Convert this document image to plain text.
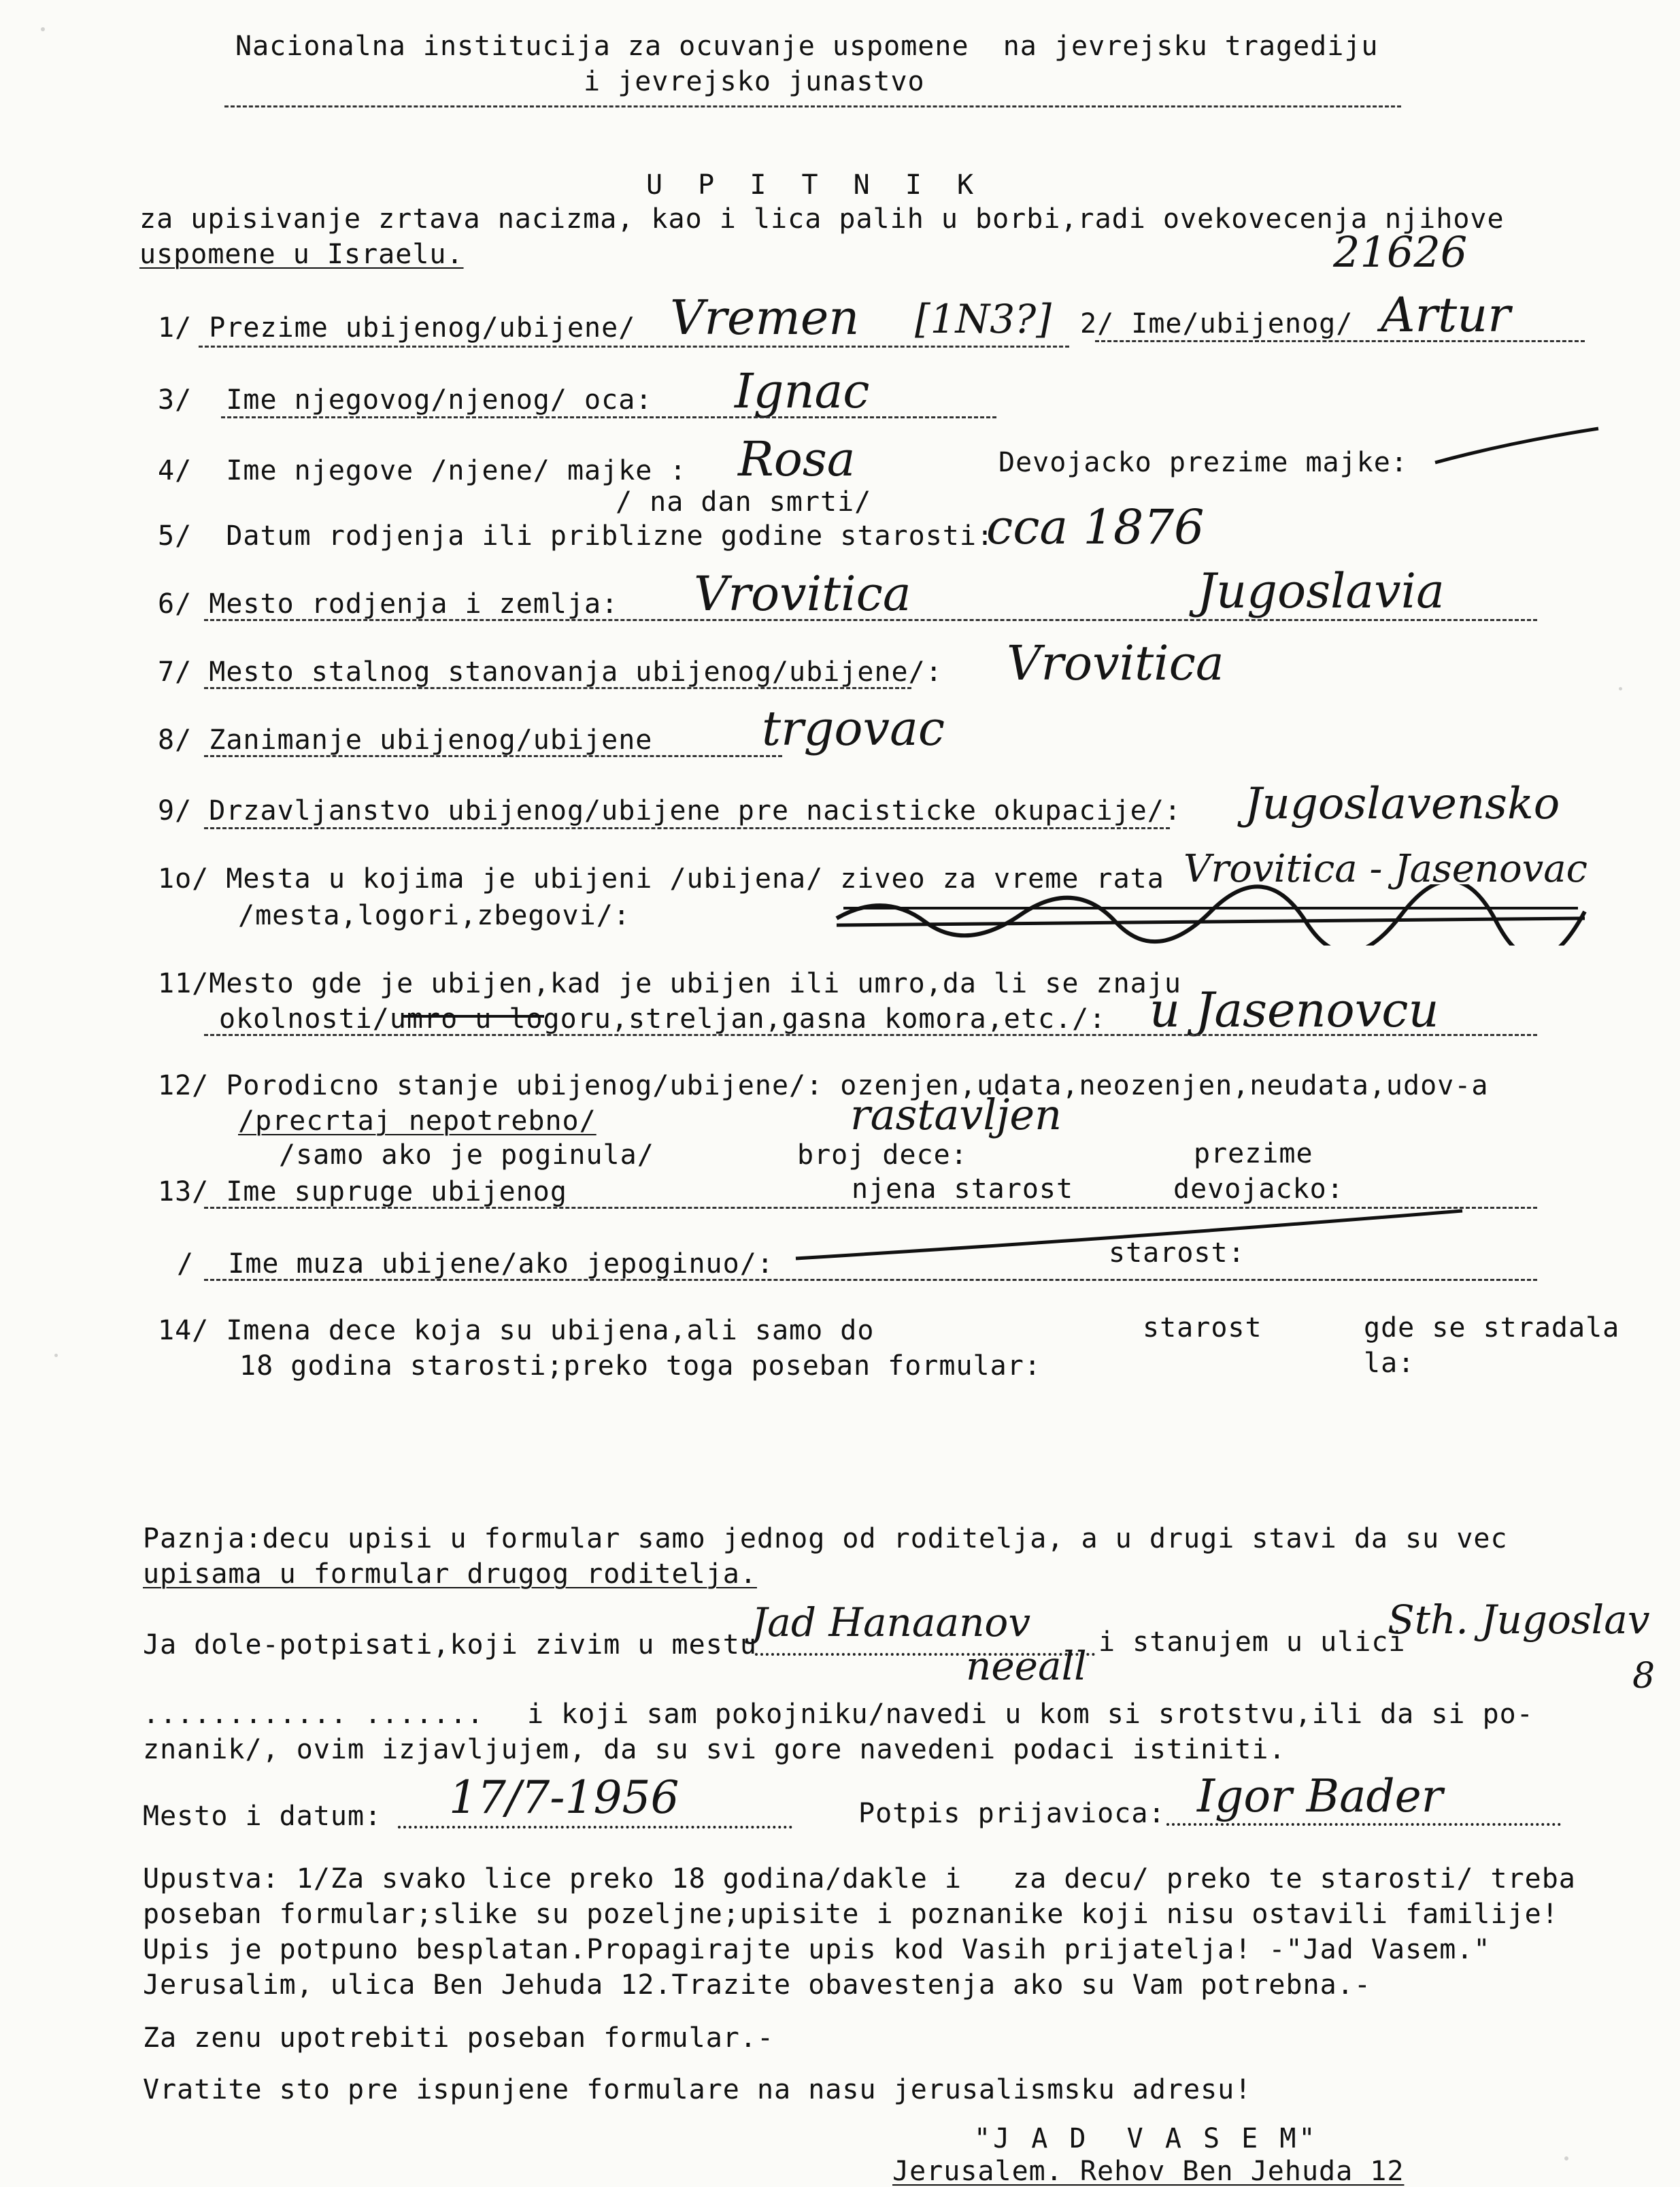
Nacionalna institucija za ocuvanje uspomene  na jevrejsku tragediju
i jevrejsko junastvo
U P I T N I K
za upisivanje zrtava nacizma, kao i lica palih u borbi,radi ovekovecenja njihove
uspomene u Israelu.	21626
1/ Prezime ubijenog/ubijene/ Vremen [1N3?] 2/ Ime/ubijenog/ Artur
3/  Ime njegovog/njenog/ oca: Ignac
4/  Ime njegove /njene/ majke : Rosa	Devojacko prezime majke:
/ na dan smrti/
5/  Datum rodjenja ili priblizne godine starosti:
cca 1876
6/ Mesto rodjenja i zemlja: Vrovitica	Jugoslavia
7/ Mesto stalnog stanovanja ubijenog/ubijene/: Vrovitica
8/ Zanimanje ubijenog/ubijene trgovac
9/ Drzavljanstvo ubijenog/ubijene pre nacisticke okupacije/: Jugoslavensko
1o/ Mesta u kojima je ubijeni /ubijena/ ziveo za vreme rata
/mesta,logori,zbegovi/:
Vrovitica - Jasenovac
11/Mesto gde je ubijen,kad je ubijen ili umro,da li se znaju
okolnosti/umro u logoru,streljan,gasna komora,etc./: u Jasenovcu
12/ Porodicno stanje ubijenog/ubijene/: ozenjen,udata,neozenjen,neudata,udov-a
/precrtaj nepotrebno/	rastavljen
/samo ako je poginula/	broj dece:	prezime
13/ Ime supruge ubijenog	njena starost	devojacko:
/  Ime muza ubijene/ako jepoginuo/:	starost:
14/ Imena dece koja su ubijena,ali samo do
18 godina starosti;preko toga poseban formular:
starost	gde se stradala
la:
Paznja:decu upisi u formular samo jednog od roditelja, a u drugi stavi da su vec
upisama u formular drugog roditelja.
Ja dole-potpisati,koji zivim u mestu
Jad Hanaanov i stanujem u ulici
Sth. Jugoslav
neeall	8
............ ....... i koji sam pokojniku/navedi u kom si srotstvu,ili da si po-
znanik/, ovim izjavljujem, da su svi gore navedeni podaci istiniti.
Mesto i datum: 17/7-1956	Potpis prijavioca: Igor Bader
Upustva: 1/Za svako lice preko 18 godina/dakle i   za decu/ preko te starosti/ treba
poseban formular;slike su pozeljne;upisite i poznanike koji nisu ostavili familije!
Upis je potpuno besplatan.Propagirajte upis kod Vasih prijatelja! -"Jad Vasem."
Jerusalim, ulica Ben Jehuda 12.Trazite obavestenja ako su Vam potrebna.-
Za zenu upotrebiti poseban formular.-
Vratite sto pre ispunjene formulare na nasu jerusalismsku adresu!
"J A D  V A S E M"
Jerusalem. Rehov Ben Jehuda 12
